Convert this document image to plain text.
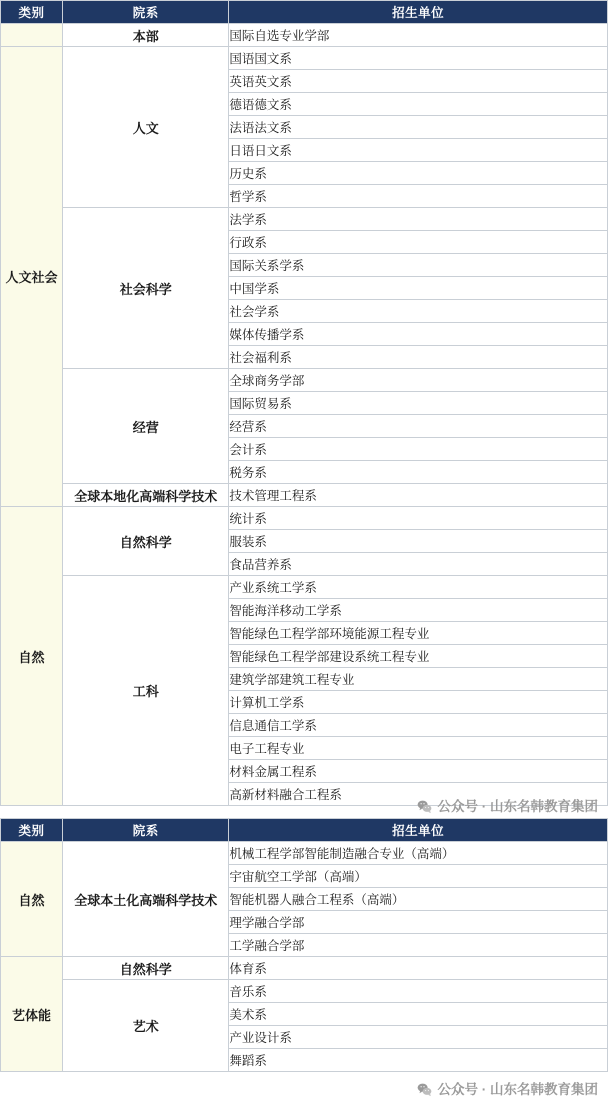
类别	院系	招生单位
	本部	国际自选专业学部
人文社会	人文	国语国文系
		英语英文系
		德语德文系
		法语法文系
		日语日文系
		历史系
		哲学系
	社会科学	法学系
		行政系
		国际关系学系
		中国学系
		社会学系
		媒体传播学系
		社会福利系
	经营	全球商务学部
		国际贸易系
		经营系
		会计系
		税务系
	全球本地化高端科学技术	技术管理工程系
自然	自然科学	统计系
		服装系
		食品营养系
	工科	产业系统工学系
		智能海洋移动工学系
		智能绿色工程学部环境能源工程专业
		智能绿色工程学部建设系统工程专业
		建筑学部建筑工程专业
		计算机工学系
		信息通信工学系
		电子工程专业
		材料金属工程系
		高新材料融合工程系
类别	院系	招生单位
自然	全球本土化高端科学技术	机械工程学部智能制造融合专业（高端）
		宇宙航空工学部（高端）
		智能机器人融合工程系（高端）
		理学融合学部
		工学融合学部
艺体能	自然科学	体育系
	艺术	音乐系
		美术系
		产业设计系
		舞蹈系
公众号 · 山东名韩教育集团
公众号 · 山东名韩教育集团
